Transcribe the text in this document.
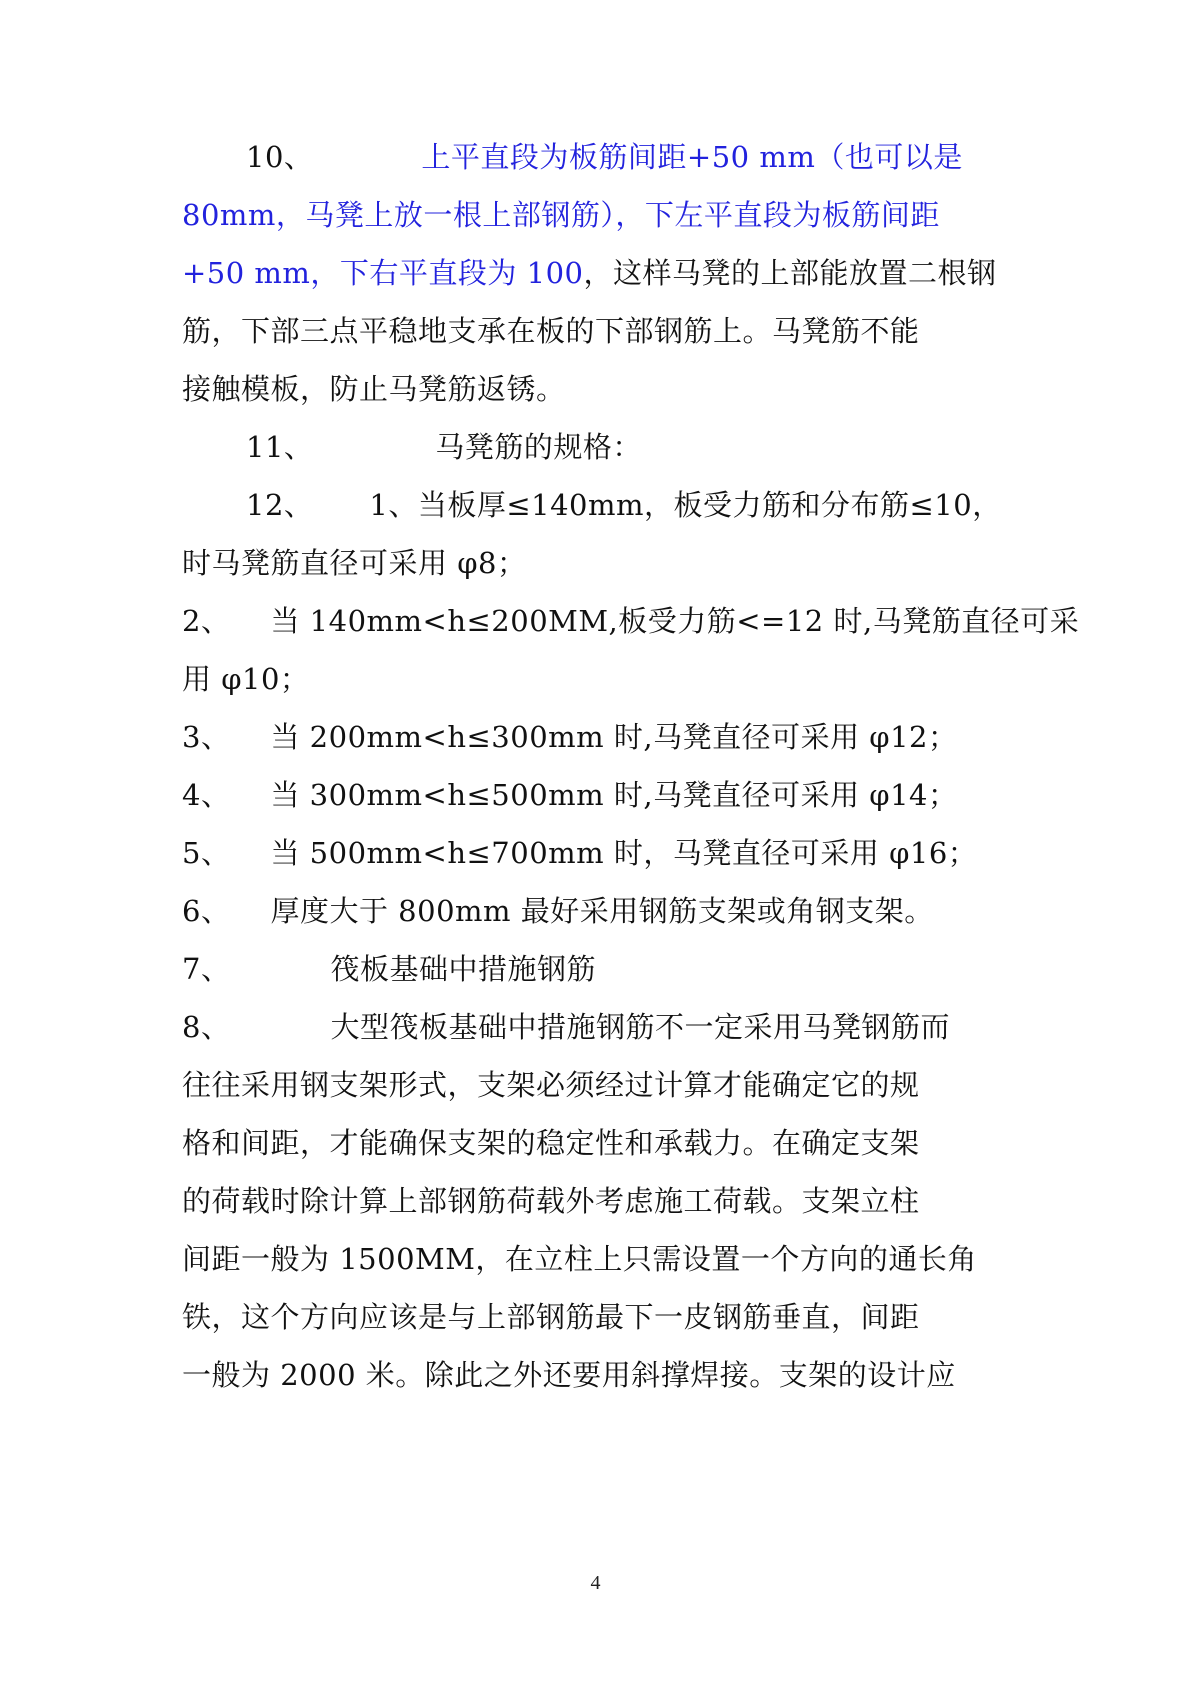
10、	上平直段为板筋间距+50 mm（也可以是
80mm，马凳上放一根上部钢筋），下左平直段为板筋间距
+50 mm，下右平直段为 100，这样马凳的上部能放置二根钢
筋，下部三点平稳地支承在板的下部钢筋上。马凳筋不能
接触模板，防止马凳筋返锈。
11、	马凳筋的规格：
12、 1、当板厚≤140mm，板受力筋和分布筋≤10，
时马凳筋直径可采用 φ8；
2、 当 140mm<h≤200MM,板受力筋<=12 时,马凳筋直径可采
用 φ10；
3、 当 200mm<h≤300mm 时,马凳直径可采用 φ12；
4、 当 300mm<h≤500mm 时,马凳直径可采用 φ14；
5、 当 500mm<h≤700mm 时，马凳直径可采用 φ16；
6、 厚度大于 800mm 最好采用钢筋支架或角钢支架。
7、	筏板基础中措施钢筋
8、	大型筏板基础中措施钢筋不一定采用马凳钢筋而
往往采用钢支架形式，支架必须经过计算才能确定它的规
格和间距，才能确保支架的稳定性和承载力。在确定支架
的荷载时除计算上部钢筋荷载外考虑施工荷载。支架立柱
间距一般为 1500MM，在立柱上只需设置一个方向的通长角
铁，这个方向应该是与上部钢筋最下一皮钢筋垂直，间距
一般为 2000 米。除此之外还要用斜撑焊接。支架的设计应
4
